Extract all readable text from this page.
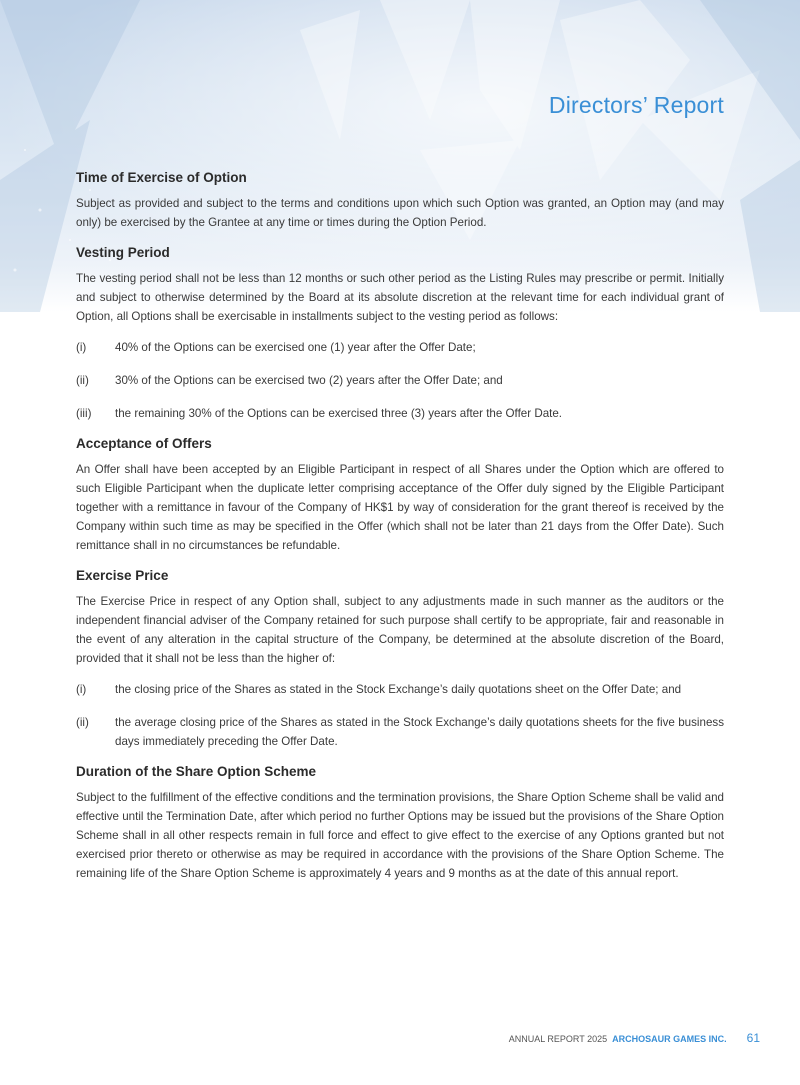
Directors’ Report
Time of Exercise of Option

Subject as provided and subject to the terms and conditions upon which such Option was granted, an Option may (and may only) be exercised by the Grantee at any time or times during the Option Period.

Vesting Period

The vesting period shall not be less than 12 months or such other period as the Listing Rules may prescribe or permit. Initially and subject to otherwise determined by the Board at its absolute discretion at the relevant time for each individual grant of Option, all Options shall be exercisable in installments subject to the vesting period as follows:

(i) 40% of the Options can be exercised one (1) year after the Offer Date;
(ii) 30% of the Options can be exercised two (2) years after the Offer Date; and
(iii) the remaining 30% of the Options can be exercised three (3) years after the Offer Date.
Acceptance of Offers

An Offer shall have been accepted by an Eligible Participant in respect of all Shares under the Option which are offered to such Eligible Participant when the duplicate letter comprising acceptance of the Offer duly signed by the Eligible Participant together with a remittance in favour of the Company of HK$1 by way of consideration for the grant thereof is received by the Company within such time as may be specified in the Offer (which shall not be later than 21 days from the Offer Date). Such remittance shall in no circumstances be refundable.

Exercise Price

The Exercise Price in respect of any Option shall, subject to any adjustments made in such manner as the auditors or the independent financial adviser of the Company retained for such purpose shall certify to be appropriate, fair and reasonable in the event of any alteration in the capital structure of the Company, be determined at the absolute discretion of the Board, provided that it shall not be less than the higher of:

(i) the closing price of the Shares as stated in the Stock Exchange’s daily quotations sheet on the Offer Date; and
(ii) the average closing price of the Shares as stated in the Stock Exchange’s daily quotations sheets for the five business days immediately preceding the Offer Date.
Duration of the Share Option Scheme

Subject to the fulfillment of the effective conditions and the termination provisions, the Share Option Scheme shall be valid and effective until the Termination Date, after which period no further Options may be issued but the provisions of the Share Option Scheme shall in all other respects remain in full force and effect to give effect to the exercise of any Options granted but not exercised prior thereto or otherwise as may be required in accordance with the provisions of the Share Option Scheme. The remaining life of the Share Option Scheme is approximately 4 years and 9 months as at the date of this annual report.

ANNUAL REPORT 2025 ARCHOSAUR GAMES INC. 61
